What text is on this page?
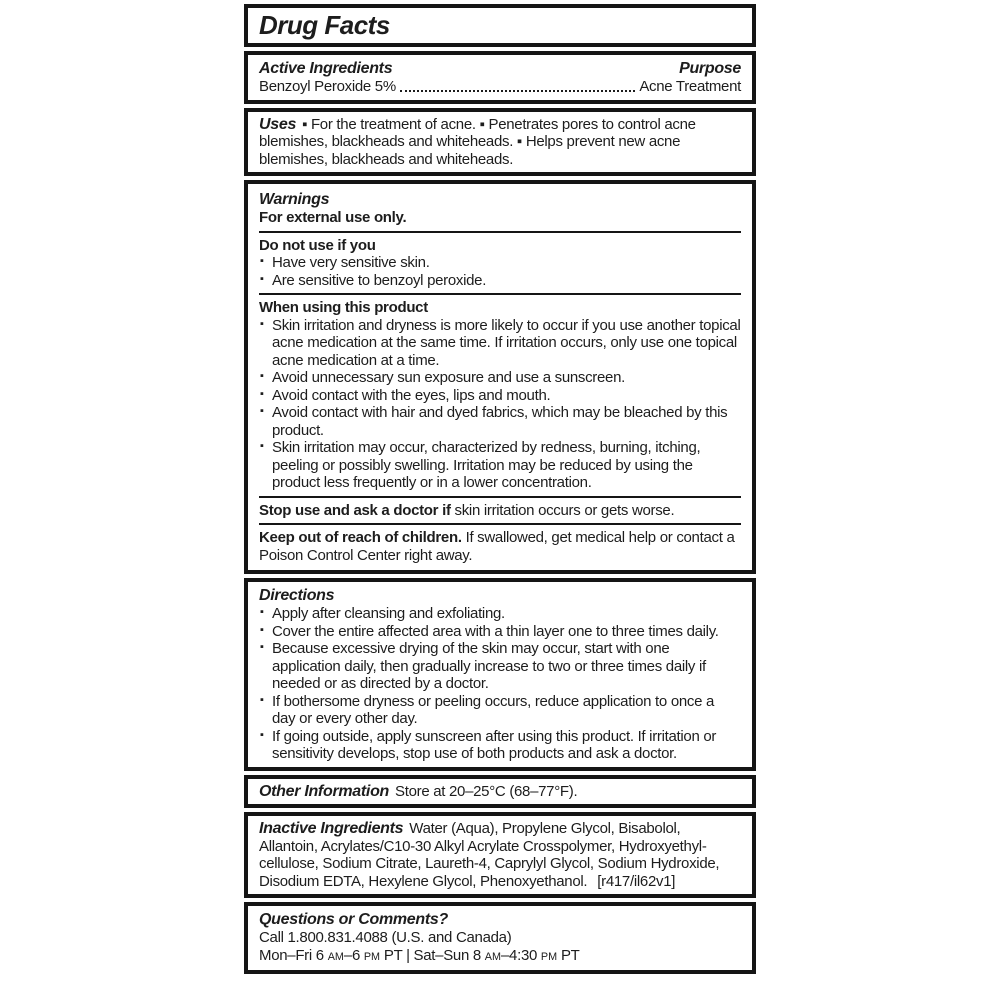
Drug Facts
Active Ingredients	Purpose
Benzoyl Peroxide 5%	Acne Treatment

Uses ▪ For the treatment of acne. ▪ Penetrates pores to control acne blemishes, blackheads and whiteheads. ▪ Helps prevent new acne blemishes, blackheads and whiteheads.

Warnings
For external use only.
Do not use if you
▪ Have very sensitive skin.
▪ Are sensitive to benzoyl peroxide.
When using this product
▪ Skin irritation and dryness is more likely to occur if you use another topical acne medication at the same time. If irritation occurs, only use one topical acne medication at a time.
▪ Avoid unnecessary sun exposure and use a sunscreen.
▪ Avoid contact with the eyes, lips and mouth.
▪ Avoid contact with hair and dyed fabrics, which may be bleached by this product.
▪ Skin irritation may occur, characterized by redness, burning, itching, peeling or possibly swelling. Irritation may be reduced by using the product less frequently or in a lower concentration.

Stop use and ask a doctor if skin irritation occurs or gets worse.

Keep out of reach of children. If swallowed, get medical help or contact a Poison Control Center right away.

Directions
▪ Apply after cleansing and exfoliating.
▪ Cover the entire affected area with a thin layer one to three times daily.
▪ Because excessive drying of the skin may occur, start with one application daily, then gradually increase to two or three times daily if needed or as directed by a doctor.
▪ If bothersome dryness or peeling occurs, reduce application to once a day or every other day.
▪ If going outside, apply sunscreen after using this product. If irritation or sensitivity develops, stop use of both products and ask a doctor.

Other Information Store at 20–25°C (68–77°F).

Inactive Ingredients Water (Aqua), Propylene Glycol, Bisabolol, Allantoin, Acrylates/C10-30 Alkyl Acrylate Crosspolymer, Hydroxyethylcellulose, Sodium Citrate, Laureth-4, Caprylyl Glycol, Sodium Hydroxide, Disodium EDTA, Hexylene Glycol, Phenoxyethanol. [r417/il62v1]

Questions or Comments?
Call 1.800.831.4088 (U.S. and Canada)
Mon–Fri 6 AM–6 PM PT | Sat–Sun 8 AM–4:30 PM PT
